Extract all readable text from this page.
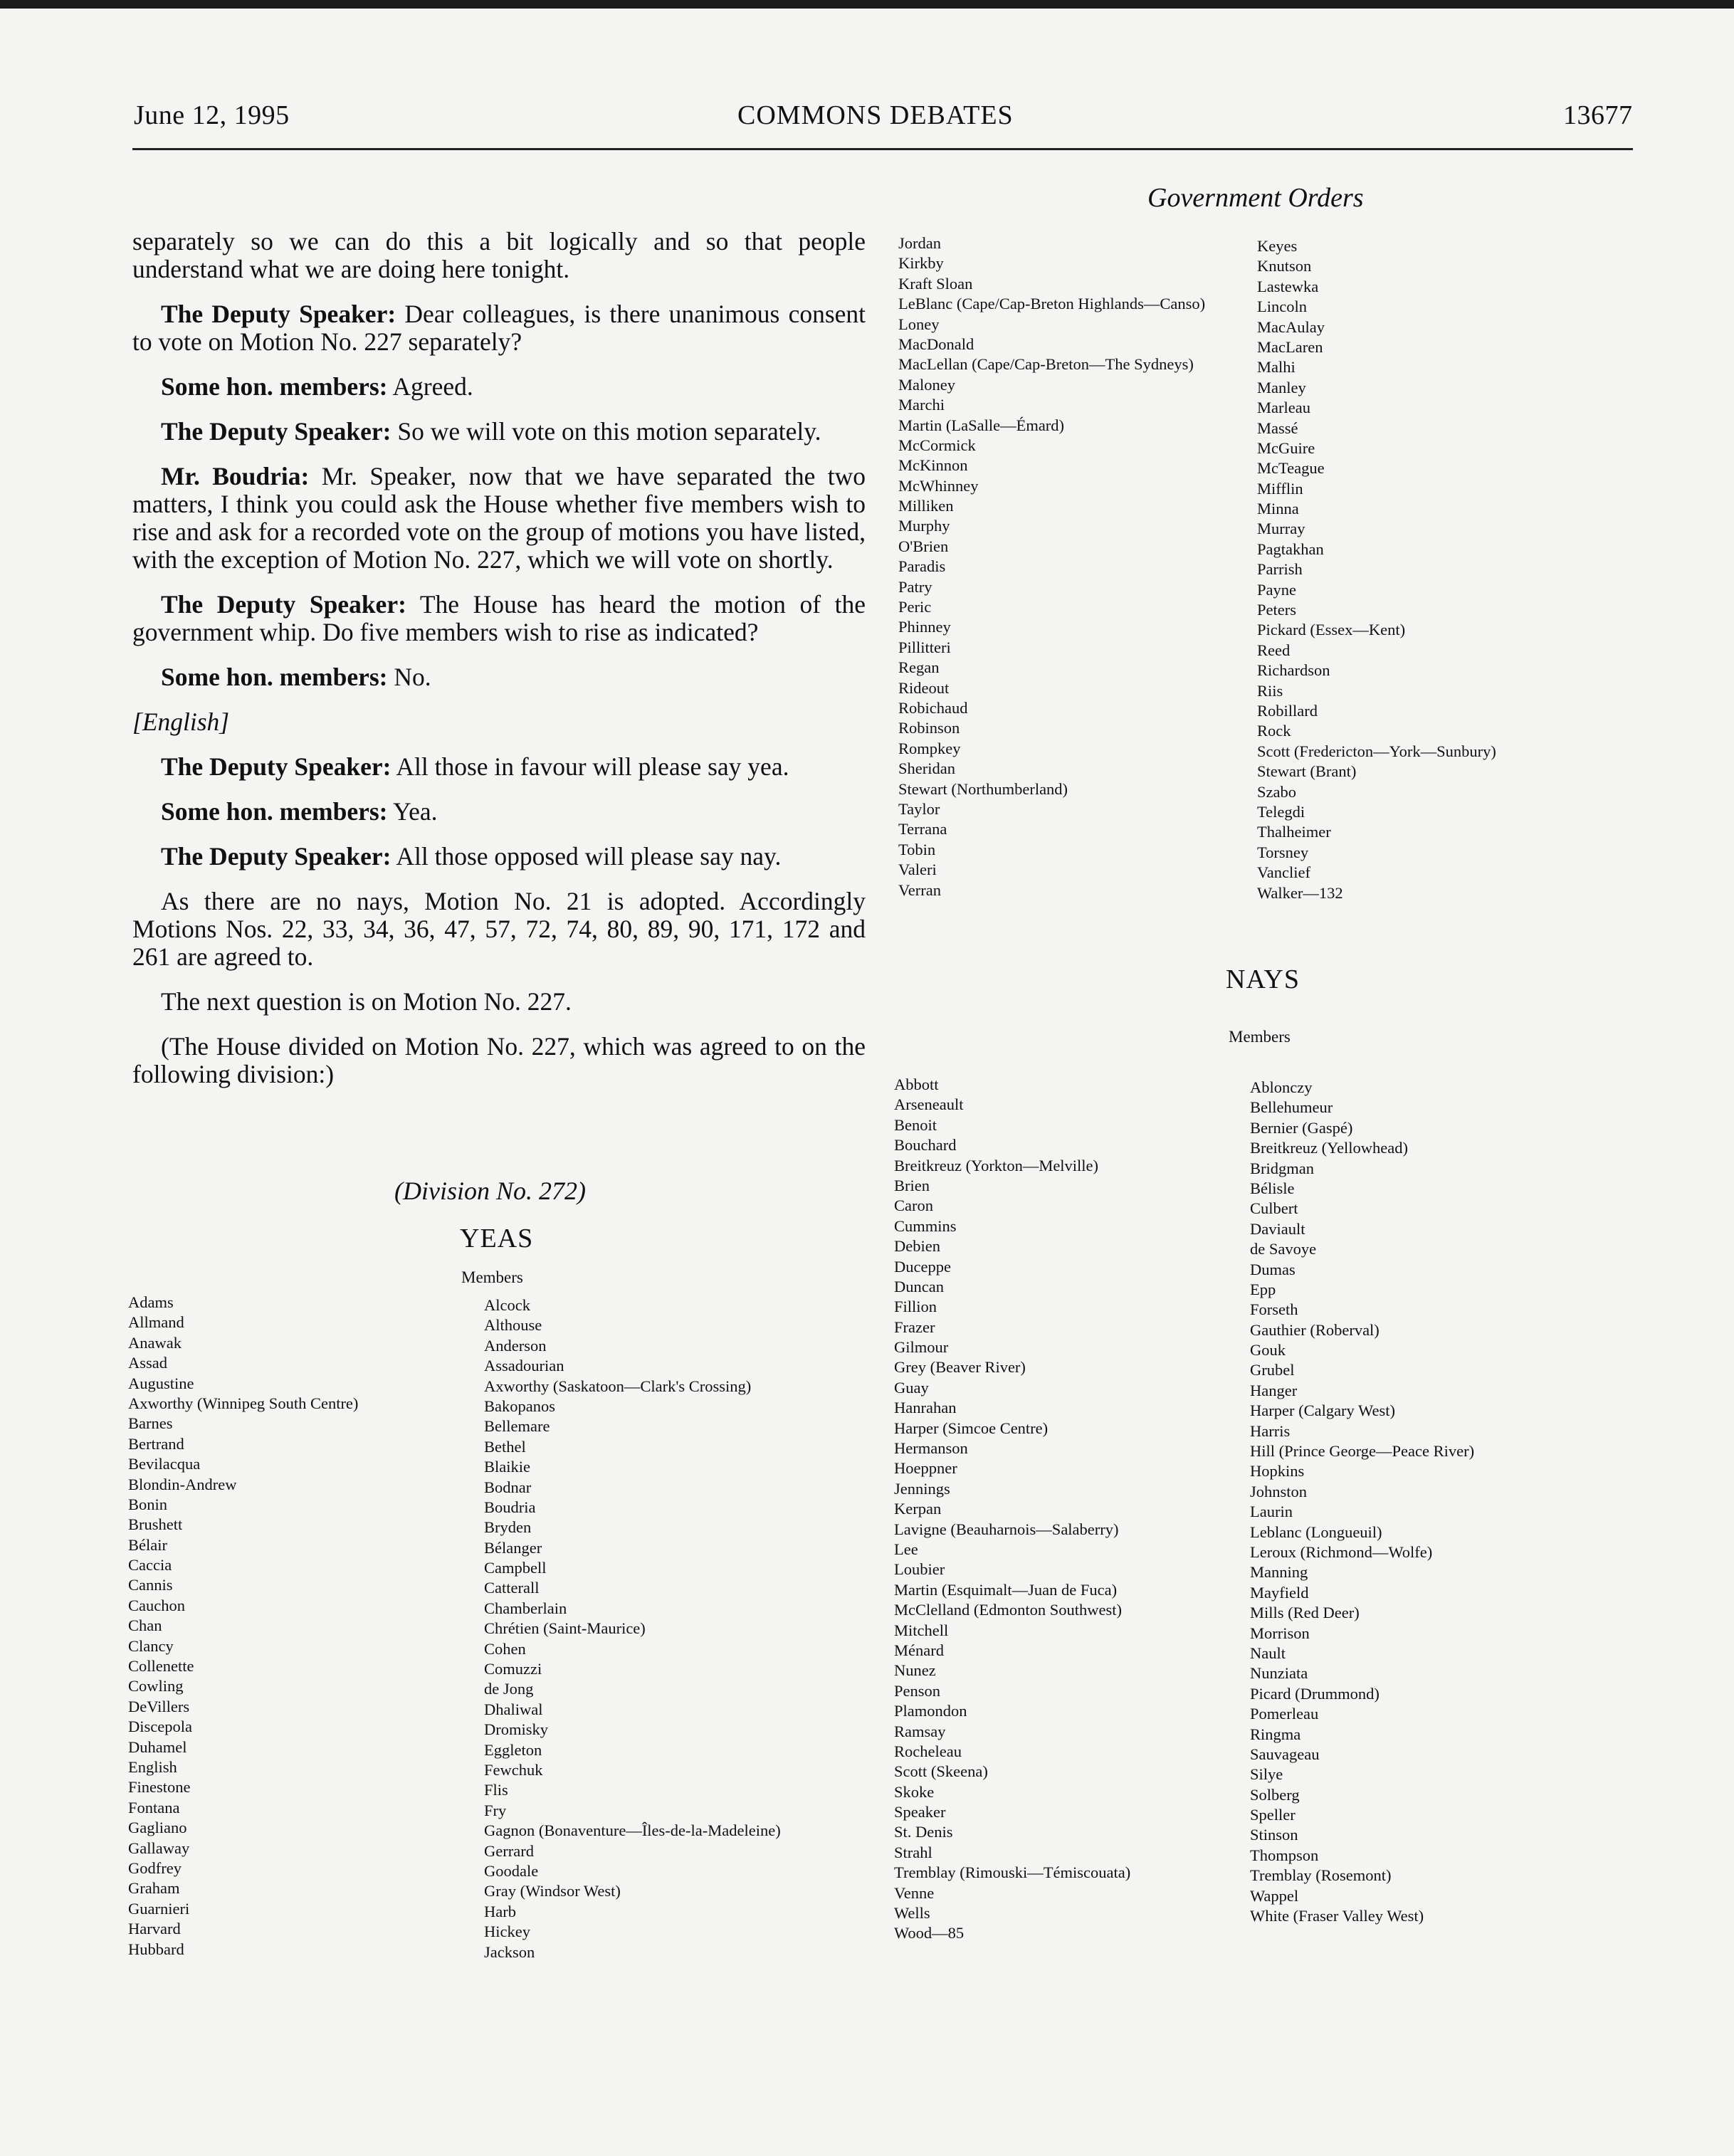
June 12, 1995	COMMONS DEBATES	13677
Government Orders
separately so we can do this a bit logically and so that people understand what we are doing here tonight.
The Deputy Speaker: Dear colleagues, is there unanimous consent to vote on Motion No. 227 separately?
Some hon. members: Agreed.
The Deputy Speaker: So we will vote on this motion separately.
Mr. Boudria: Mr. Speaker, now that we have separated the two matters, I think you could ask the House whether five members wish to rise and ask for a recorded vote on the group of motions you have listed, with the exception of Motion No. 227, which we will vote on shortly.
The Deputy Speaker: The House has heard the motion of the government whip. Do five members wish to rise as indicated?
Some hon. members: No.
[English]
The Deputy Speaker: All those in favour will please say yea.
Some hon. members: Yea.
The Deputy Speaker: All those opposed will please say nay.
As there are no nays, Motion No. 21 is adopted. Accordingly Motions Nos. 22, 33, 34, 36, 47, 57, 72, 74, 80, 89, 90, 171, 172 and 261 are agreed to.
The next question is on Motion No. 227.
(The House divided on Motion No. 227, which was agreed to on the following division:)
(Division No. 272)
YEAS
Members
Adams
Allmand
Anawak
Assad
Augustine
Axworthy (Winnipeg South Centre)
Barnes
Bertrand
Bevilacqua
Blondin-Andrew
Bonin
Brushett
Bélair
Caccia
Cannis
Cauchon
Chan
Clancy
Collenette
Cowling
DeVillers
Discepola
Duhamel
English
Finestone
Fontana
Gagliano
Gallaway
Godfrey
Graham
Guarnieri
Harvard
Hubbard
Alcock
Althouse
Anderson
Assadourian
Axworthy (Saskatoon—Clark's Crossing)
Bakopanos
Bellemare
Bethel
Blaikie
Bodnar
Boudria
Bryden
Bélanger
Campbell
Catterall
Chamberlain
Chrétien (Saint-Maurice)
Cohen
Comuzzi
de Jong
Dhaliwal
Dromisky
Eggleton
Fewchuk
Flis
Fry
Gagnon (Bonaventure—Îles-de-la-Madeleine)
Gerrard
Goodale
Gray (Windsor West)
Harb
Hickey
Jackson
Jordan
Kirkby
Kraft Sloan
LeBlanc (Cape/Cap-Breton Highlands—Canso)
Loney
MacDonald
MacLellan (Cape/Cap-Breton—The Sydneys)
Maloney
Marchi
Martin (LaSalle—Émard)
McCormick
McKinnon
McWhinney
Milliken
Murphy
O'Brien
Paradis
Patry
Peric
Phinney
Pillitteri
Regan
Rideout
Robichaud
Robinson
Rompkey
Sheridan
Stewart (Northumberland)
Taylor
Terrana
Tobin
Valeri
Verran
Keyes
Knutson
Lastewka
Lincoln
MacAulay
MacLaren
Malhi
Manley
Marleau
Massé
McGuire
McTeague
Mifflin
Minna
Murray
Pagtakhan
Parrish
Payne
Peters
Pickard (Essex—Kent)
Reed
Richardson
Riis
Robillard
Rock
Scott (Fredericton—York—Sunbury)
Stewart (Brant)
Szabo
Telegdi
Thalheimer
Torsney
Vanclief
Walker—132
NAYS
Members
Abbott
Arseneault
Benoit
Bouchard
Breitkreuz (Yorkton—Melville)
Brien
Caron
Cummins
Debien
Duceppe
Duncan
Fillion
Frazer
Gilmour
Grey (Beaver River)
Guay
Hanrahan
Harper (Simcoe Centre)
Hermanson
Hoeppner
Jennings
Kerpan
Lavigne (Beauharnois—Salaberry)
Lee
Loubier
Martin (Esquimalt—Juan de Fuca)
McClelland (Edmonton Southwest)
Mitchell
Ménard
Nunez
Penson
Plamondon
Ramsay
Rocheleau
Scott (Skeena)
Skoke
Speaker
St. Denis
Strahl
Tremblay (Rimouski—Témiscouata)
Venne
Wells
Wood—85
Ablonczy
Bellehumeur
Bernier (Gaspé)
Breitkreuz (Yellowhead)
Bridgman
Bélisle
Culbert
Daviault
de Savoye
Dumas
Epp
Forseth
Gauthier (Roberval)
Gouk
Grubel
Hanger
Harper (Calgary West)
Harris
Hill (Prince George—Peace River)
Hopkins
Johnston
Laurin
Leblanc (Longueuil)
Leroux (Richmond—Wolfe)
Manning
Mayfield
Mills (Red Deer)
Morrison
Nault
Nunziata
Picard (Drummond)
Pomerleau
Ringma
Sauvageau
Silye
Solberg
Speller
Stinson
Thompson
Tremblay (Rosemont)
Wappel
White (Fraser Valley West)
